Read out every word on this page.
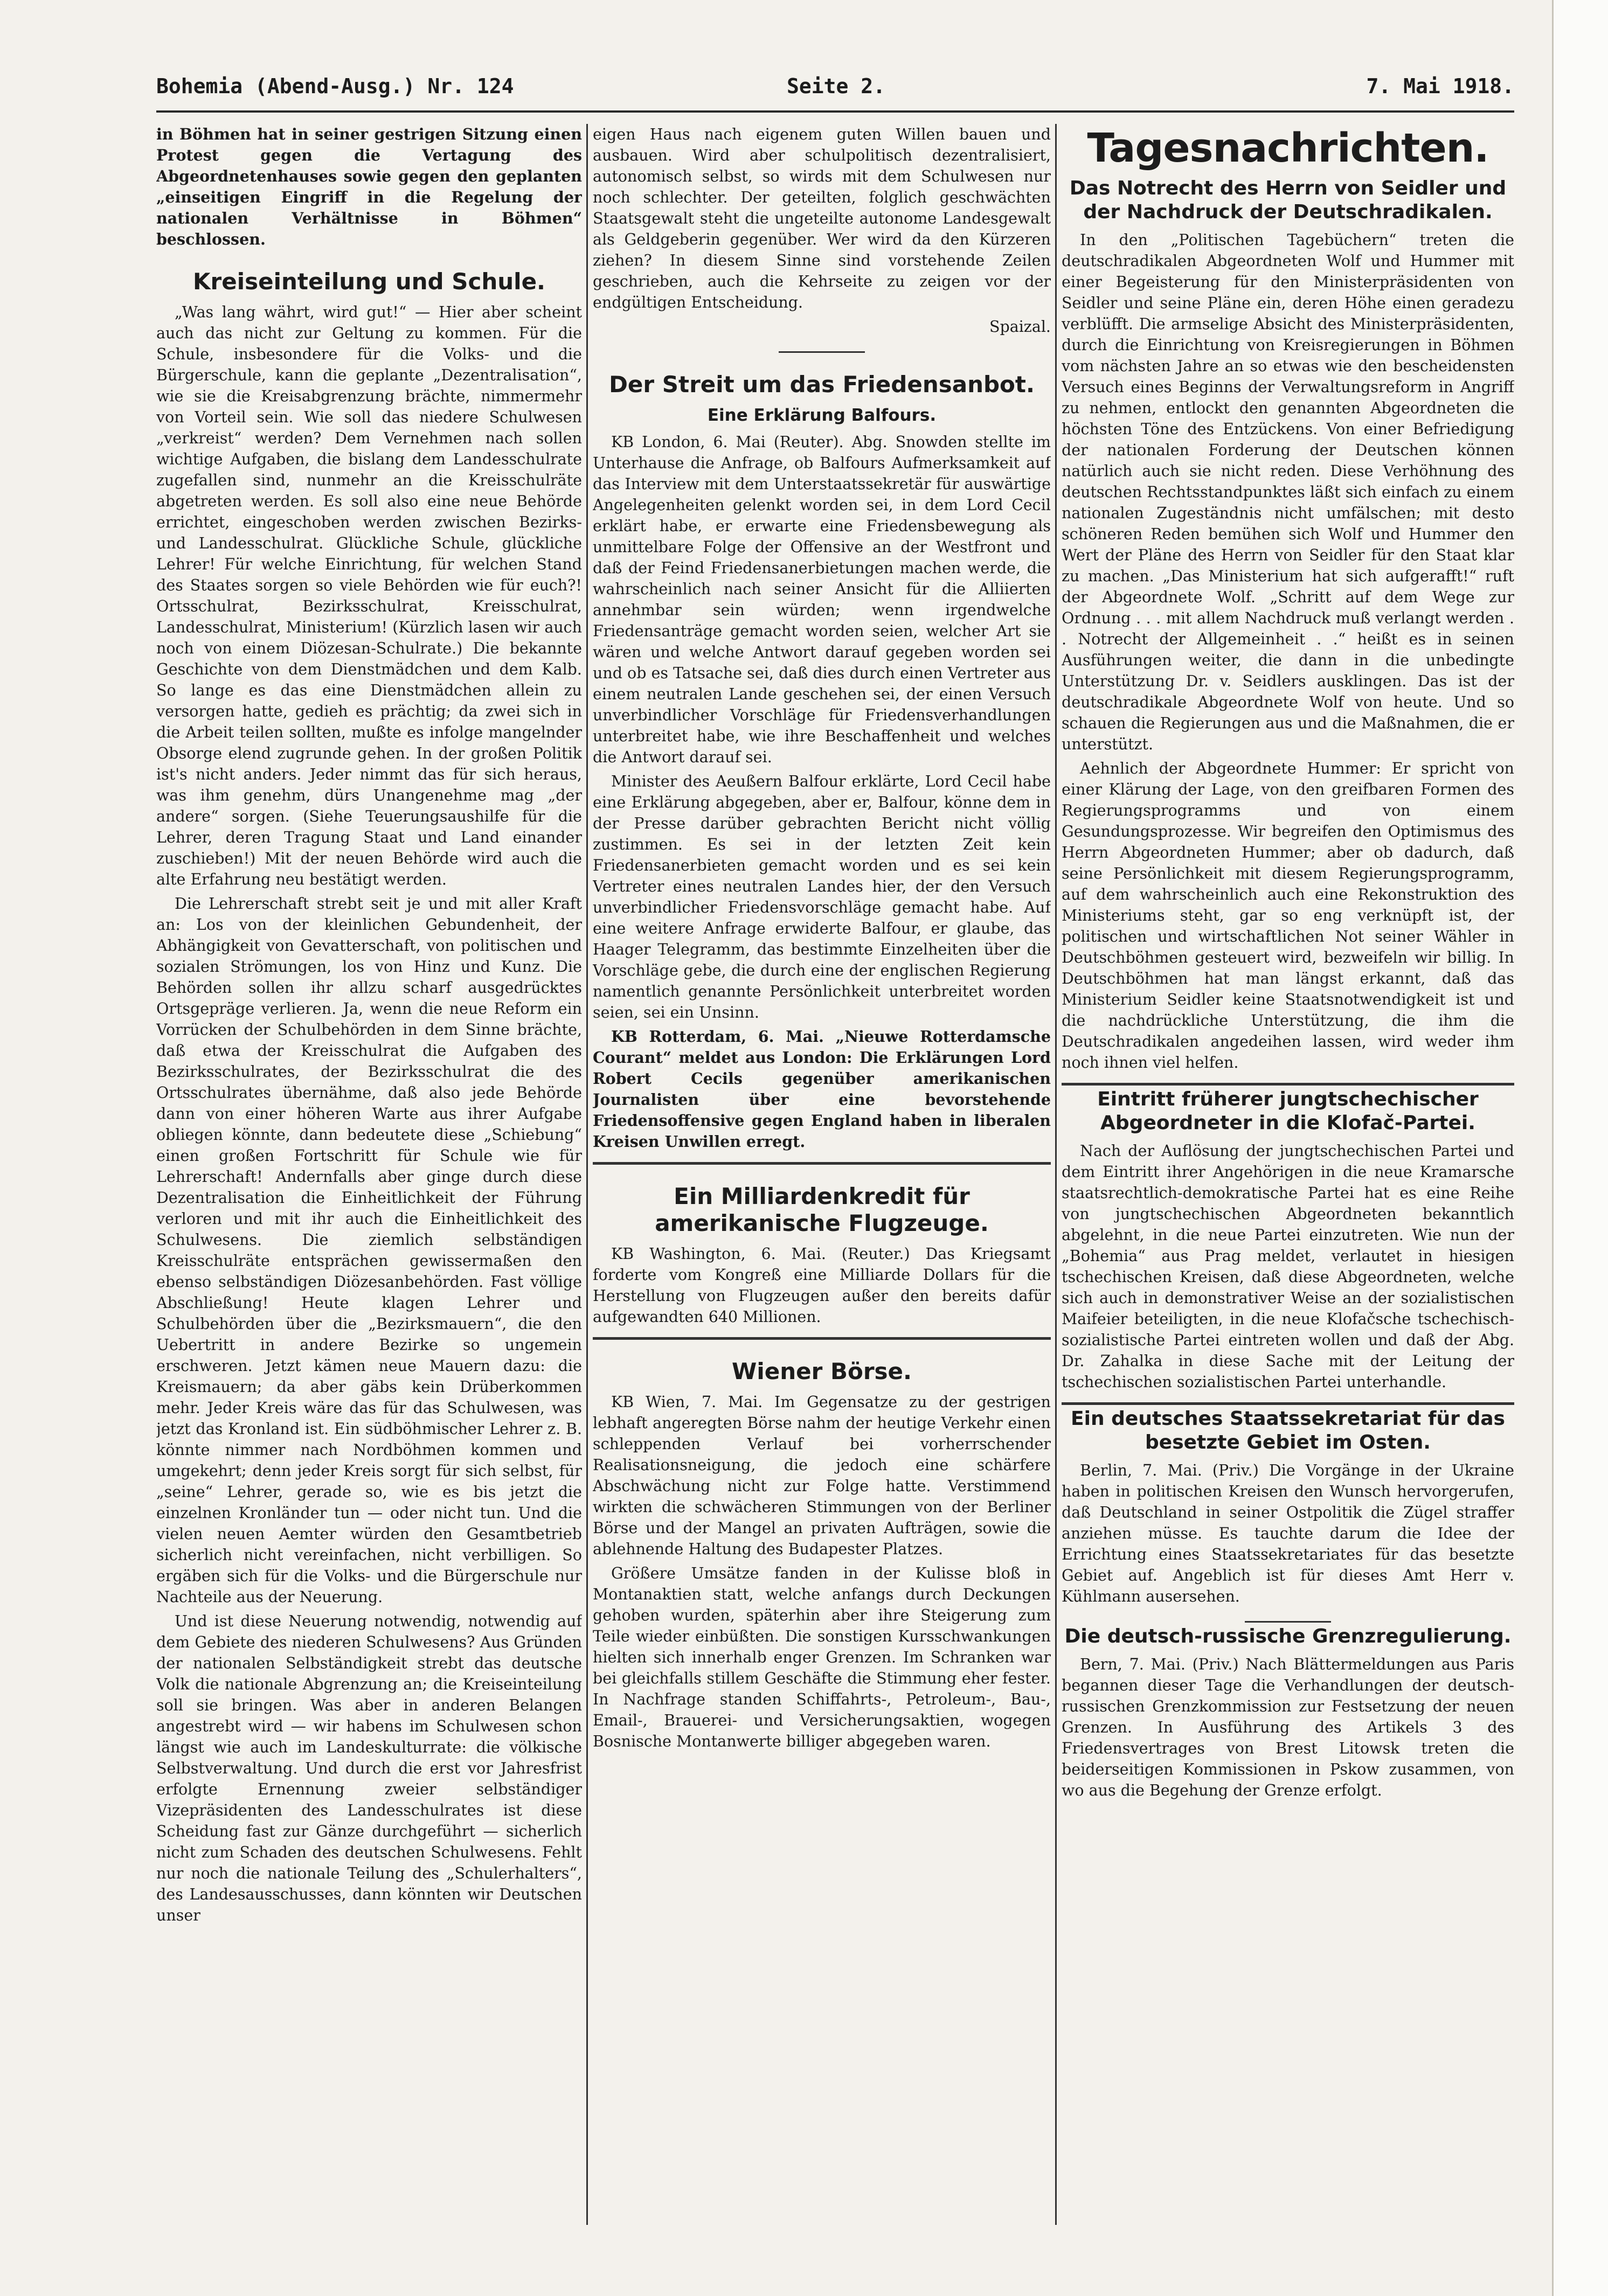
Bohemia (Abend-Ausg.) Nr. 124	Seite 2.	7. Mai 1918.

in Böhmen hat in seiner gestrigen Sitzung einen Protest gegen die Vertagung des Abgeordnetenhauses sowie gegen den geplanten „einseitigen Eingriff in die Regelung der nationalen Verhältnisse in Böhmen“ beschlossen.

Kreiseinteilung und Schule.

„Was lang währt, wird gut!“ — Hier aber scheint auch das nicht zur Geltung zu kommen. Für die Schule, insbesondere für die Volks- und die Bürgerschule, kann die geplante „Dezentralisation“, wie sie die Kreisabgrenzung brächte, nimmermehr von Vorteil sein. Wie soll das niedere Schulwesen „verkreist“ werden? Dem Vernehmen nach sollen wichtige Aufgaben, die bislang dem Landesschulrate zugefallen sind, nunmehr an die Kreisschulräte abgetreten werden. Es soll also eine neue Behörde errichtet, eingeschoben werden zwischen Bezirks- und Landesschulrat. Glückliche Schule, glückliche Lehrer! Für welche Einrichtung, für welchen Stand des Staates sorgen so viele Behörden wie für euch?! Ortsschulrat, Bezirksschulrat, Kreisschulrat, Landesschulrat, Ministerium! (Kürzlich lasen wir auch noch von einem Diözesan-Schulrate.) Die bekannte Geschichte von dem Dienstmädchen und dem Kalb. So lange es das eine Dienstmädchen allein zu versorgen hatte, gedieh es prächtig; da zwei sich in die Arbeit teilen sollten, mußte es infolge mangelnder Obsorge elend zugrunde gehen. In der großen Politik ist's nicht anders. Jeder nimmt das für sich heraus, was ihm genehm, dürs Unangenehme mag „der andere“ sorgen. (Siehe Teuerungsaushilfe für die Lehrer, deren Tragung Staat und Land einander zuschieben!) Mit der neuen Behörde wird auch die alte Erfahrung neu bestätigt werden.

Die Lehrerschaft strebt seit je und mit aller Kraft an: Los von der kleinlichen Gebundenheit, der Abhängigkeit von Gevatterschaft, von politischen und sozialen Strömungen, los von Hinz und Kunz. Die Behörden sollen ihr allzu scharf ausgedrücktes Ortsgepräge verlieren. Ja, wenn die neue Reform ein Vorrücken der Schulbehörden in dem Sinne brächte, daß etwa der Kreisschulrat die Aufgaben des Bezirksschulrates, der Bezirksschulrat die des Ortsschulrates übernähme, daß also jede Behörde dann von einer höheren Warte aus ihrer Aufgabe obliegen könnte, dann bedeutete diese „Schiebung“ einen großen Fortschritt für Schule wie für Lehrerschaft! Andernfalls aber ginge durch diese Dezentralisation die Einheitlichkeit der Führung verloren und mit ihr auch die Einheitlichkeit des Schulwesens. Die ziemlich selbständigen Kreisschulräte entsprächen gewissermaßen den ebenso selbständigen Diözesanbehörden. Fast völlige Abschließung! Heute klagen Lehrer und Schulbehörden über die „Bezirksmauern“, die den Uebertritt in andere Bezirke so ungemein erschweren. Jetzt kämen neue Mauern dazu: die Kreismauern; da aber gäbs kein Drüberkommen mehr. Jeder Kreis wäre das für das Schulwesen, was jetzt das Kronland ist. Ein südböhmischer Lehrer z. B. könnte nimmer nach Nordböhmen kommen und umgekehrt; denn jeder Kreis sorgt für sich selbst, für „seine“ Lehrer, gerade so, wie es bis jetzt die einzelnen Kronländer tun — oder nicht tun. Und die vielen neuen Aemter würden den Gesamtbetrieb sicherlich nicht vereinfachen, nicht verbilligen. So ergäben sich für die Volks- und die Bürgerschule nur Nachteile aus der Neuerung.

Und ist diese Neuerung notwendig, notwendig auf dem Gebiete des niederen Schulwesens? Aus Gründen der nationalen Selbständigkeit strebt das deutsche Volk die nationale Abgrenzung an; die Kreiseinteilung soll sie bringen. Was aber in anderen Belangen angestrebt wird — wir habens im Schulwesen schon längst wie auch im Landeskulturrate: die völkische Selbstverwaltung. Und durch die erst vor Jahresfrist erfolgte Ernennung zweier selbständiger Vizepräsidenten des Landesschulrates ist diese Scheidung fast zur Gänze durchgeführt — sicherlich nicht zum Schaden des deutschen Schulwesens. Fehlt nur noch die nationale Teilung des „Schulerhalters“, des Landesausschusses, dann könnten wir Deutschen unser

eigen Haus nach eigenem guten Willen bauen und ausbauen. Wird aber schulpolitisch dezentralisiert, autonomisch selbst, so wirds mit dem Schulwesen nur noch schlechter. Der geteilten, folglich geschwächten Staatsgewalt steht die ungeteilte autonome Landesgewalt als Geldgeberin gegenüber. Wer wird da den Kürzeren ziehen? In diesem Sinne sind vorstehende Zeilen geschrieben, auch die Kehrseite zu zeigen vor der endgültigen Entscheidung.

Spaizal.
Der Streit um das Friedensanbot.
Eine Erklärung Balfours.

KB London, 6. Mai (Reuter). Abg. Snowden stellte im Unterhause die Anfrage, ob Balfours Aufmerksamkeit auf das Interview mit dem Unterstaatssekretär für auswärtige Angelegenheiten gelenkt worden sei, in dem Lord Cecil erklärt habe, er erwarte eine Friedensbewegung als unmittelbare Folge der Offensive an der Westfront und daß der Feind Friedensanerbietungen machen werde, die wahrscheinlich nach seiner Ansicht für die Alliierten annehmbar sein würden; wenn irgendwelche Friedensanträge gemacht worden seien, welcher Art sie wären und welche Antwort darauf gegeben worden sei und ob es Tatsache sei, daß dies durch einen Vertreter aus einem neutralen Lande geschehen sei, der einen Versuch unverbindlicher Vorschläge für Friedensverhandlungen unterbreitet habe, wie ihre Beschaffenheit und welches die Antwort darauf sei.

Minister des Aeußern Balfour erklärte, Lord Cecil habe eine Erklärung abgegeben, aber er, Balfour, könne dem in der Presse darüber gebrachten Bericht nicht völlig zustimmen. Es sei in der letzten Zeit kein Friedensanerbieten gemacht worden und es sei kein Vertreter eines neutralen Landes hier, der den Versuch unverbindlicher Friedensvorschläge gemacht habe. Auf eine weitere Anfrage erwiderte Balfour, er glaube, das Haager Telegramm, das bestimmte Einzelheiten über die Vorschläge gebe, die durch eine der englischen Regierung namentlich genannte Persönlichkeit unterbreitet worden seien, sei ein Unsinn.

KB Rotterdam, 6. Mai. „Nieuwe Rotterdamsche Courant“ meldet aus London: Die Erklärungen Lord Robert Cecils gegenüber amerikanischen Journalisten über eine bevorstehende Friedensoffensive gegen England haben in liberalen Kreisen Unwillen erregt.

Ein Milliardenkredit für amerikanische Flugzeuge.

KB Washington, 6. Mai. (Reuter.) Das Kriegsamt forderte vom Kongreß eine Milliarde Dollars für die Herstellung von Flugzeugen außer den bereits dafür aufgewandten 640 Millionen.

Wiener Börse.

KB Wien, 7. Mai. Im Gegensatze zu der gestrigen lebhaft angeregten Börse nahm der heutige Verkehr einen schleppenden Verlauf bei vorherrschender Realisationsneigung, die jedoch eine schärfere Abschwächung nicht zur Folge hatte. Verstimmend wirkten die schwächeren Stimmungen von der Berliner Börse und der Mangel an privaten Aufträgen, sowie die ablehnende Haltung des Budapester Platzes.

Größere Umsätze fanden in der Kulisse bloß in Montanaktien statt, welche anfangs durch Deckungen gehoben wurden, späterhin aber ihre Steigerung zum Teile wieder einbüßten. Die sonstigen Kursschwankungen hielten sich innerhalb enger Grenzen. Im Schranken war bei gleichfalls stillem Geschäfte die Stimmung eher fester. In Nachfrage standen Schiffahrts-, Petroleum-, Bau-, Email-, Brauerei- und Versicherungsaktien, wogegen Bosnische Montanwerte billiger abgegeben waren.

Tagesnachrichten.
Das Notrecht des Herrn von Seidler und der Nachdruck der Deutschradikalen.

In den „Politischen Tagebüchern“ treten die deutschradikalen Abgeordneten Wolf und Hummer mit einer Begeisterung für den Ministerpräsidenten von Seidler und seine Pläne ein, deren Höhe einen geradezu verblüfft. Die armselige Absicht des Ministerpräsidenten, durch die Einrichtung von Kreisregierungen in Böhmen vom nächsten Jahre an so etwas wie den bescheidensten Versuch eines Beginns der Verwaltungsreform in Angriff zu nehmen, entlockt den genannten Abgeordneten die höchsten Töne des Entzückens. Von einer Befriedigung der nationalen Forderung der Deutschen können natürlich auch sie nicht reden. Diese Verhöhnung des deutschen Rechtsstandpunktes läßt sich einfach zu einem nationalen Zugeständnis nicht umfälschen; mit desto schöneren Reden bemühen sich Wolf und Hummer den Wert der Pläne des Herrn von Seidler für den Staat klar zu machen. „Das Ministerium hat sich aufgerafft!“ ruft der Abgeordnete Wolf. „Schritt auf dem Wege zur Ordnung . . . mit allem Nachdruck muß verlangt werden . . Notrecht der Allgemeinheit . .“ heißt es in seinen Ausführungen weiter, die dann in die unbedingte Unterstützung Dr. v. Seidlers ausklingen. Das ist der deutschradikale Abgeordnete Wolf von heute. Und so schauen die Regierungen aus und die Maßnahmen, die er unterstützt.

Aehnlich der Abgeordnete Hummer: Er spricht von einer Klärung der Lage, von den greifbaren Formen des Regierungsprogramms und von einem Gesundungsprozesse. Wir begreifen den Optimismus des Herrn Abgeordneten Hummer; aber ob dadurch, daß seine Persönlichkeit mit diesem Regierungsprogramm, auf dem wahrscheinlich auch eine Rekonstruktion des Ministeriums steht, gar so eng verknüpft ist, der politischen und wirtschaftlichen Not seiner Wähler in Deutschböhmen gesteuert wird, bezweifeln wir billig. In Deutschböhmen hat man längst erkannt, daß das Ministerium Seidler keine Staatsnotwendigkeit ist und die nachdrückliche Unterstützung, die ihm die Deutschradikalen angedeihen lassen, wird weder ihm noch ihnen viel helfen.

Eintritt früherer jungtschechischer Abgeordneter in die Klofač-Partei.

Nach der Auflösung der jungtschechischen Partei und dem Eintritt ihrer Angehörigen in die neue Kramarsche staatsrechtlich-demokratische Partei hat es eine Reihe von jungtschechischen Abgeordneten bekanntlich abgelehnt, in die neue Partei einzutreten. Wie nun der „Bohemia“ aus Prag meldet, verlautet in hiesigen tschechischen Kreisen, daß diese Abgeordneten, welche sich auch in demonstrativer Weise an der sozialistischen Maifeier beteiligten, in die neue Klofačsche tschechisch-sozialistische Partei eintreten wollen und daß der Abg. Dr. Zahalka in diese Sache mit der Leitung der tschechischen sozialistischen Partei unterhandle.

Ein deutsches Staatssekretariat für das besetzte Gebiet im Osten.

Berlin, 7. Mai. (Priv.) Die Vorgänge in der Ukraine haben in politischen Kreisen den Wunsch hervorgerufen, daß Deutschland in seiner Ostpolitik die Zügel straffer anziehen müsse. Es tauchte darum die Idee der Errichtung eines Staatssekretariates für das besetzte Gebiet auf. Angeblich ist für dieses Amt Herr v. Kühlmann ausersehen.

Die deutsch-russische Grenzregulierung.

Bern, 7. Mai. (Priv.) Nach Blättermeldungen aus Paris begannen dieser Tage die Verhandlungen der deutsch-russischen Grenzkommission zur Festsetzung der neuen Grenzen. In Ausführung des Artikels 3 des Friedensvertrages von Brest Litowsk treten die beiderseitigen Kommissionen in Pskow zusammen, von wo aus die Begehung der Grenze erfolgt.
